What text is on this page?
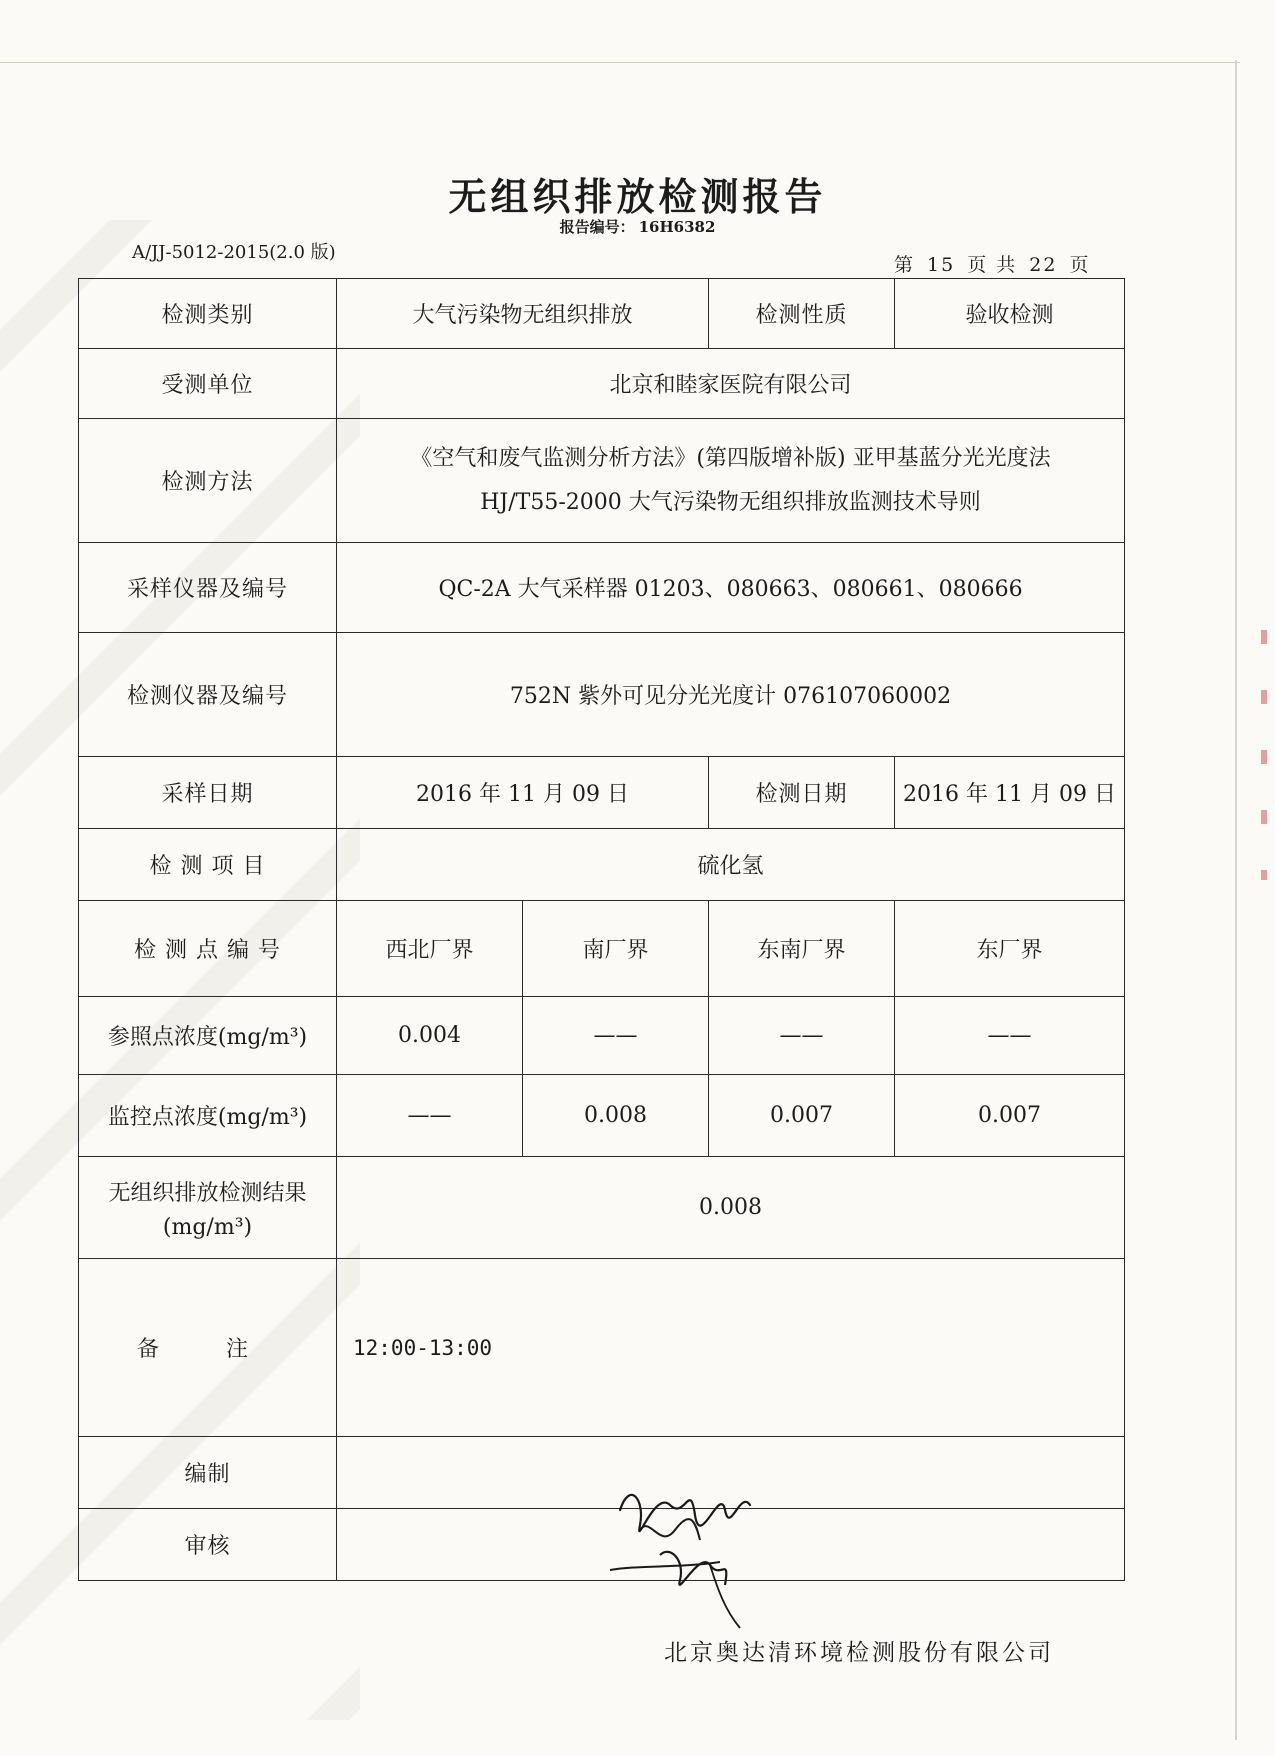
无组织排放检测报告
报告编号： 16H6382
A/JJ-5012-2015(2.0 版)
第 15 页 共 22 页
检测类别	大气污染物无组织排放		检测性质	验收检测
受测单位	北京和睦家医院有限公司			
检测方法	《空气和废气监测分析方法》(第四版增补版) 亚甲基蓝分光光度法
HJ/T55-2000 大气污染物无组织排放监测技术导则			

采样仪器及编号	QC-2A 大气采样器 01203、080663、080661、080666			
检测仪器及编号	752N 紫外可见分光光度计 076107060002			
采样日期	2016 年 11 月 09 日		检测日期	2016 年 11 月 09 日
检 测 项 目	硫化氢			
检 测 点 编 号	西北厂界	南厂界	东南厂界	东厂界
参照点浓度(mg/m³)	0.004	——	——	——
监控点浓度(mg/m³)	——	0.008	0.007	0.007

无组织排放检测结果
(mg/m³)	0.008			
备 注	12:00-13:00			
编制				
审核				
北京奥达清环境检测股份有限公司
